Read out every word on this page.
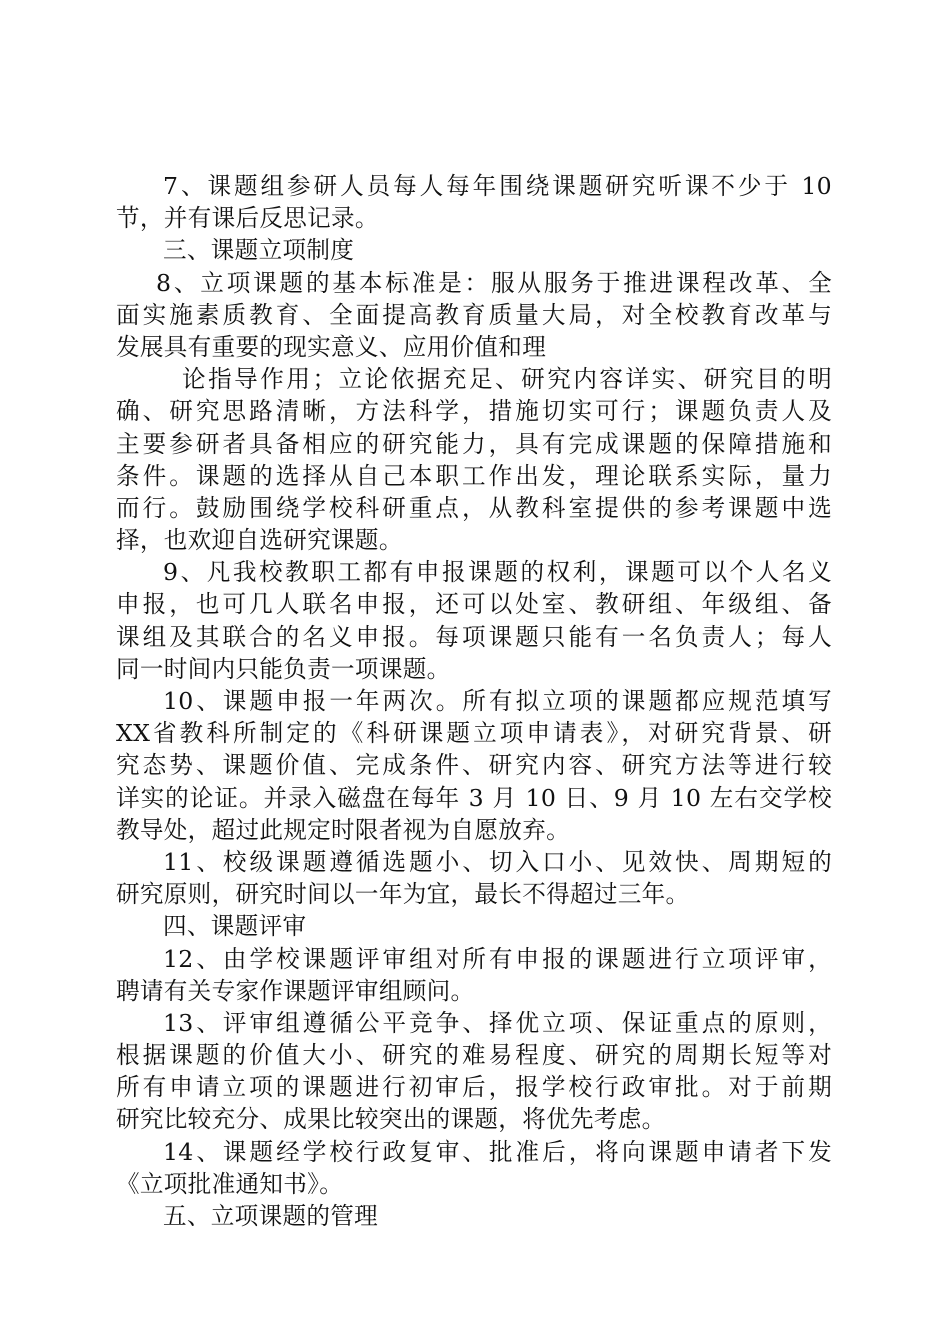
7、课题组参研人员每人每年围绕课题研究听课不少于 10
节，并有课后反思记录。
三、课题立项制度
8、立项课题的基本标准是：服从服务于推进课程改革、全
面实施素质教育、全面提高教育质量大局，对全校教育改革与
发展具有重要的现实意义、应用价值和理
论指导作用；立论依据充足、研究内容详实、研究目的明
确、研究思路清晰，方法科学，措施切实可行；课题负责人及
主要参研者具备相应的研究能力，具有完成课题的保障措施和
条件。课题的选择从自己本职工作出发，理论联系实际，量力
而行。鼓励围绕学校科研重点，从教科室提供的参考课题中选
择，也欢迎自选研究课题。
9、凡我校教职工都有申报课题的权利，课题可以个人名义
申报，也可几人联名申报，还可以处室、教研组、年级组、备
课组及其联合的名义申报。每项课题只能有一名负责人；每人
同一时间内只能负责一项课题。
10、课题申报一年两次。所有拟立项的课题都应规范填写
XX省教科所制定的《科研课题立项申请表》，对研究背景、研
究态势、课题价值、完成条件、研究内容、研究方法等进行较
详实的论证。并录入磁盘在每年 3 月 10 日、9 月 10 左右交学校
教导处，超过此规定时限者视为自愿放弃。
11、校级课题遵循选题小、切入口小、见效快、周期短的
研究原则，研究时间以一年为宜，最长不得超过三年。
四、课题评审
12、由学校课题评审组对所有申报的课题进行立项评审，
聘请有关专家作课题评审组顾问。
13、评审组遵循公平竞争、择优立项、保证重点的原则，
根据课题的价值大小、研究的难易程度、研究的周期长短等对
所有申请立项的课题进行初审后，报学校行政审批。对于前期
研究比较充分、成果比较突出的课题，将优先考虑。
14、课题经学校行政复审、批准后，将向课题申请者下发
《立项批准通知书》。
五、立项课题的管理
